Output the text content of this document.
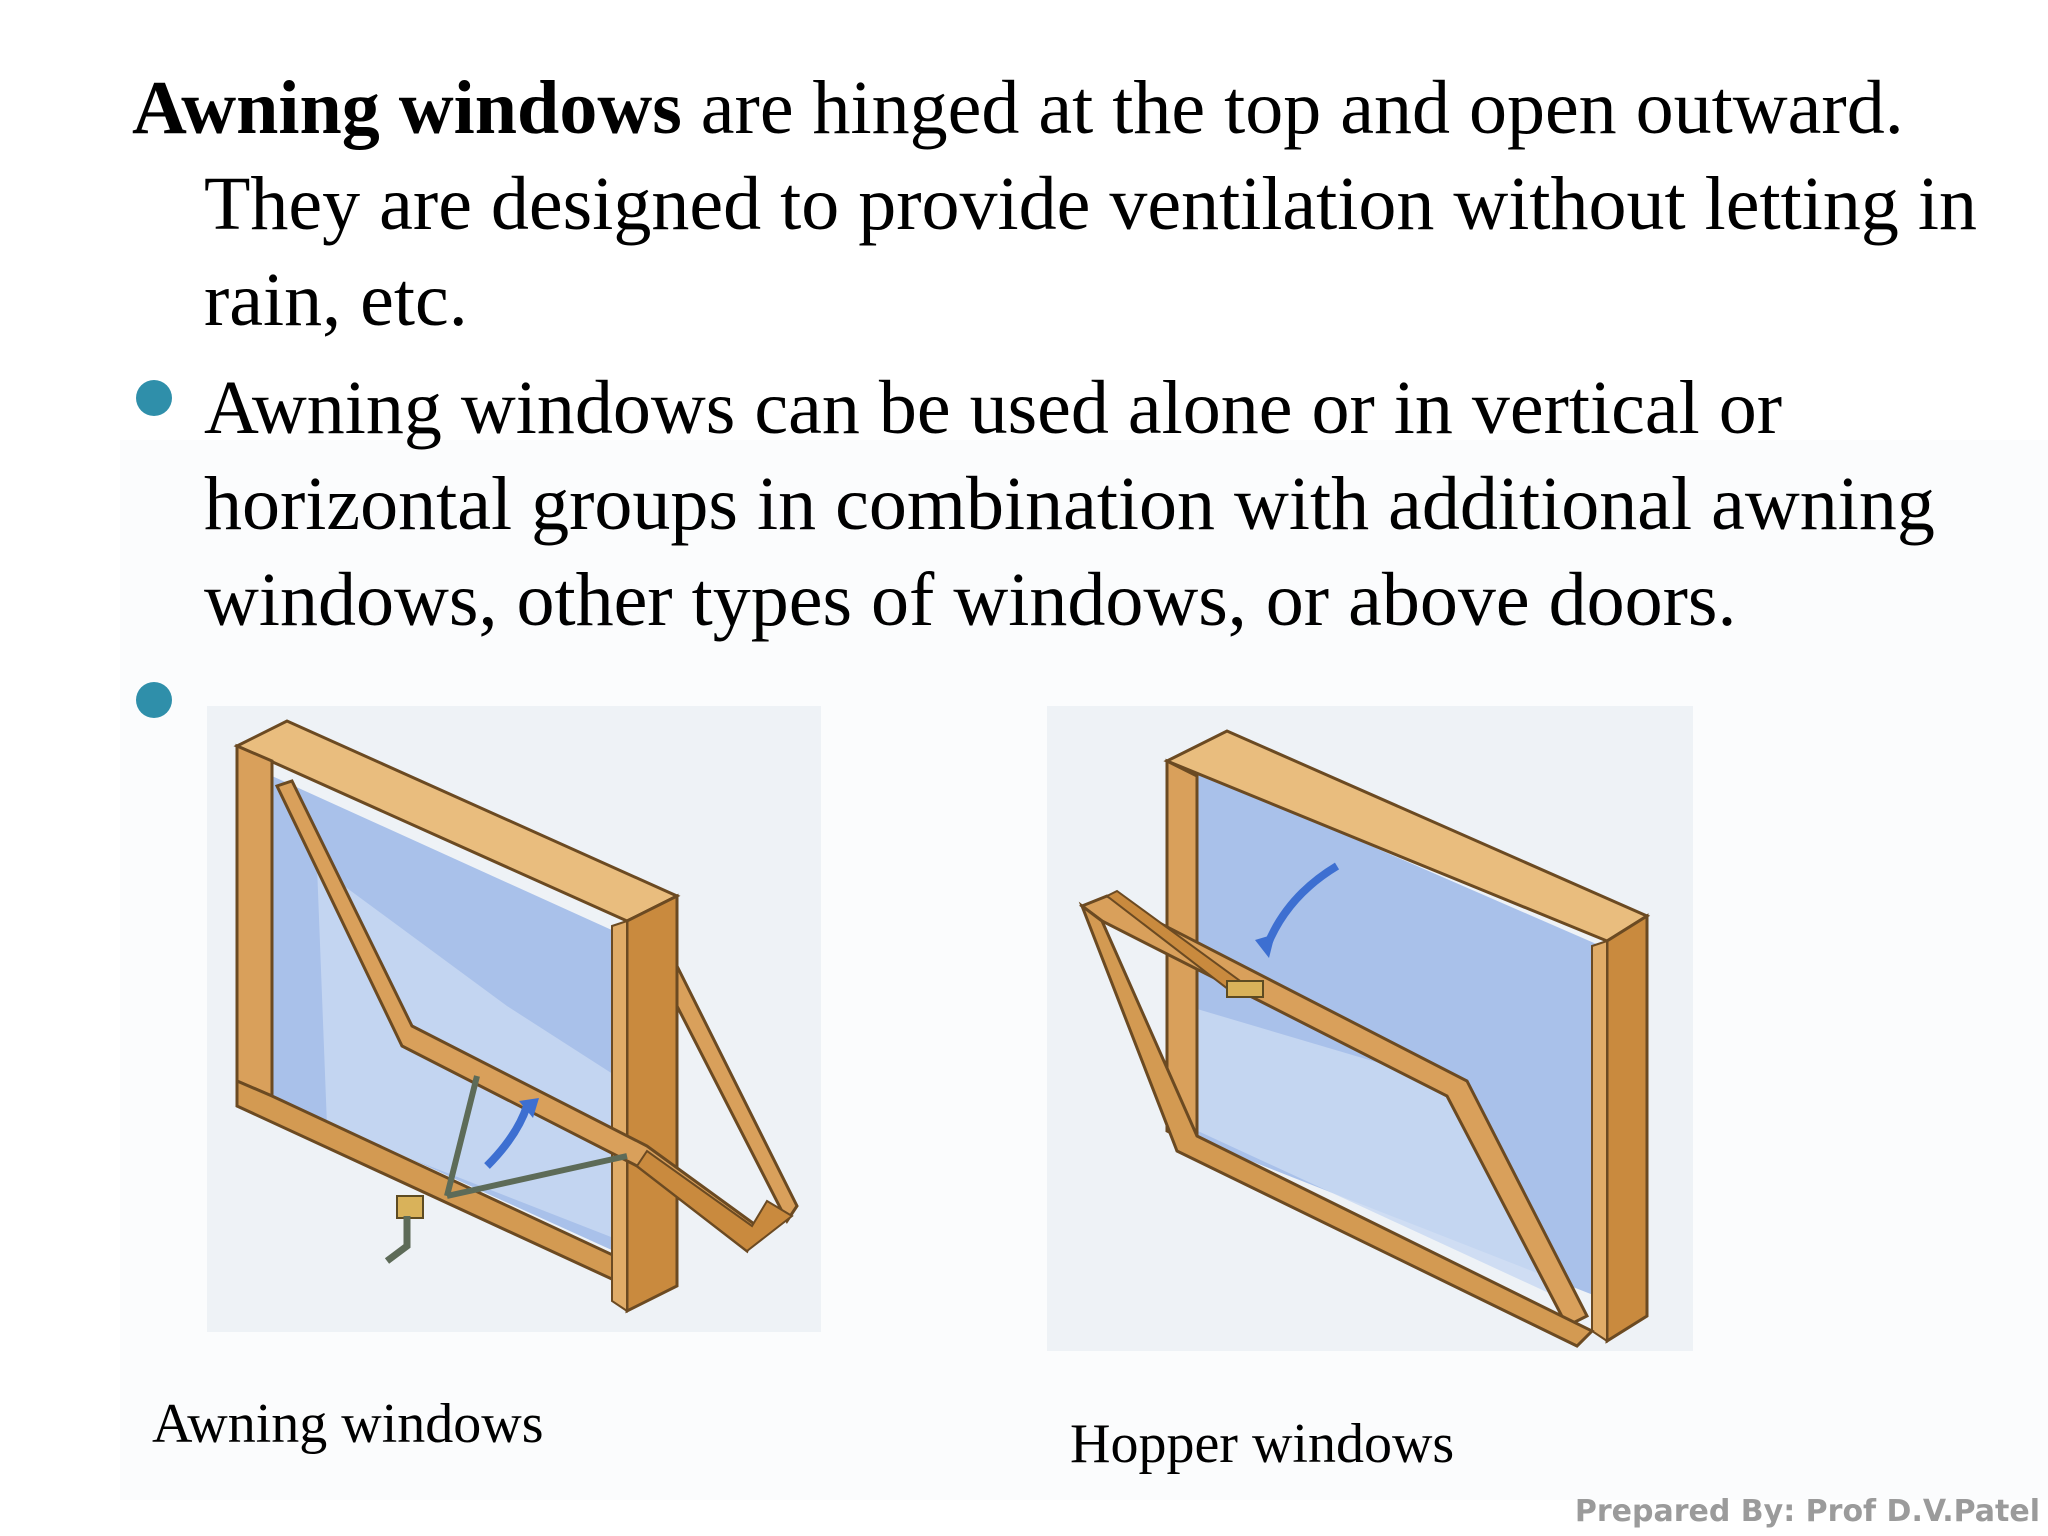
Awning windows are hinged at the top and open outward.
They are designed to provide ventilation without letting in rain, etc.

Awning windows can be used alone or in vertical or horizontal groups in combination with additional awning windows, other types of windows, or above doors.

Awning windows	Hopper windows
Prepared By: Prof D.V.Patel
